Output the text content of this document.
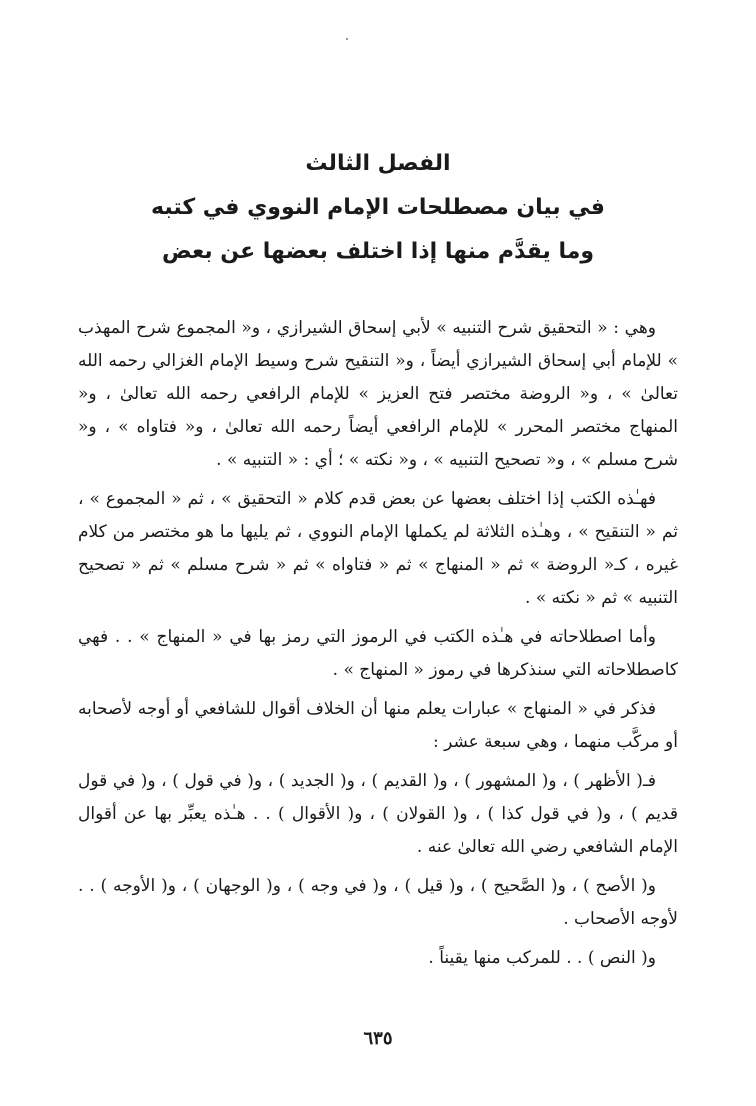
الفصل الثالث

في بيان مصطلحات الإمام النووي في كتبه

وما يقدَّم منها إذا اختلف بعضها عن بعض

وهي : « التحقيق شرح التنبيه » لأبي إسحاق الشيرازي ، و« المجموع شرح المهذب » للإمام أبي إسحاق الشيرازي أيضاً ، و« التنقيح شرح وسيط الإمام الغزالي رحمه الله تعالىٰ » ، و« الروضة مختصر فتح العزيز » للإمام الرافعي رحمه الله تعالىٰ ، و« المنهاج مختصر المحرر » للإمام الرافعي أيضاً رحمه الله تعالىٰ ، و« فتاواه » ، و« شرح مسلم » ، و« تصحيح التنبيه » ، و« نكته » ؛ أي : « التنبيه » .

فهـٰذه الكتب إذا اختلف بعضها عن بعض قدم كلام « التحقيق » ، ثم « المجموع » ، ثم « التنقيح » ، وهـٰذه الثلاثة لم يكملها الإمام النووي ، ثم يليها ما هو مختصر من كلام غيره ، كـ« الروضة » ثم « المنهاج » ثم « فتاواه » ثم « شرح مسلم » ثم « تصحيح التنبيه » ثم « نكته » .

وأما اصطلاحاته في هـٰذه الكتب في الرموز التي رمز بها في « المنهاج » . . فهي كاصطلاحاته التي سنذكرها في رموز « المنهاج » .

فذكر في « المنهاج » عبارات يعلم منها أن الخلاف أقوال للشافعي أو أوجه لأصحابه أو مركَّب منهما ، وهي سبعة عشر :

فـ( الأظهر ) ، و( المشهور ) ، و( القديم ) ، و( الجديد ) ، و( في قول ) ، و( في قول قديم ) ، و( في قول كذا ) ، و( القولان ) ، و( الأقوال ) . . هـٰذه يعبِّر بها عن أقوال الإمام الشافعي رضي الله تعالىٰ عنه .

و( الأصح ) ، و( الصَّحيح ) ، و( قيل ) ، و( في وجه ) ، و( الوجهان ) ، و( الأوجه ) . . لأوجه الأصحاب .

و( النص ) . . للمركب منها يقيناً .

٦٣٥
